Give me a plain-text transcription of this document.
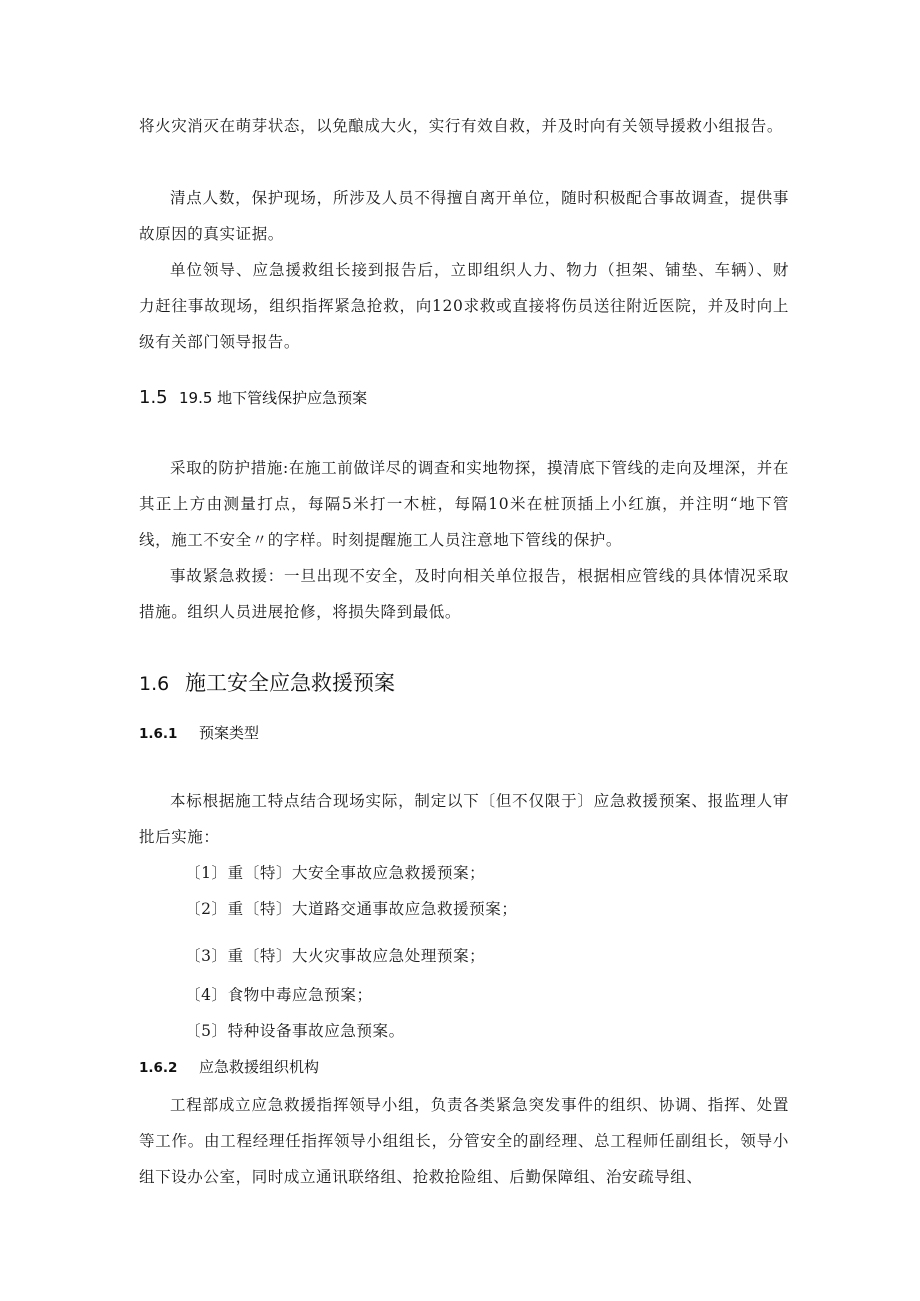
将火灾消灭在萌芽状态，以免酿成大火，实行有效自救，并及时向有关领导援救小组报告。

清点人数，保护现场，所涉及人员不得擅自离开单位，随时积极配合事故调查，提供事故原因的真实证据。

单位领导、应急援救组长接到报告后，立即组织人力、物力（担架、铺垫、车辆）、财力赶往事故现场，组织指挥紧急抢救，向120求救或直接将伤员送往附近医院，并及时向上级有关部门领导报告。

1.5 19.5 地下管线保护应急预案

采取的防护措施:在施工前做详尽的调查和实地物探，摸清底下管线的走向及埋深，并在其正上方由测量打点，每隔5米打一木桩，每隔10米在桩顶插上小红旗，并注明“地下管线，施工不安全〃的字样。时刻提醒施工人员注意地下管线的保护。

事故紧急救援：一旦出现不安全，及时向相关单位报告，根据相应管线的具体情况采取措施。组织人员进展抢修，将损失降到最低。

1.6 施工安全应急救援预案
1.6.1 预案类型

本标根据施工特点结合现场实际，制定以下〔但不仅限于〕应急救援预案、报监理人审批后实施：

〔1〕重〔特〕大安全事故应急救援预案；

〔2〕重〔特〕大道路交通事故应急救援预案；

〔3〕重〔特〕大火灾事故应急处理预案；

〔4〕食物中毒应急预案；

〔5〕特种设备事故应急预案。

1.6.2 应急救援组织机构

工程部成立应急救援指挥领导小组，负责各类紧急突发事件的组织、协调、指挥、处置等工作。由工程经理任指挥领导小组组长，分管安全的副经理、总工程师任副组长，领导小组下设办公室，同时成立通讯联络组、抢救抢险组、后勤保障组、治安疏导组、
